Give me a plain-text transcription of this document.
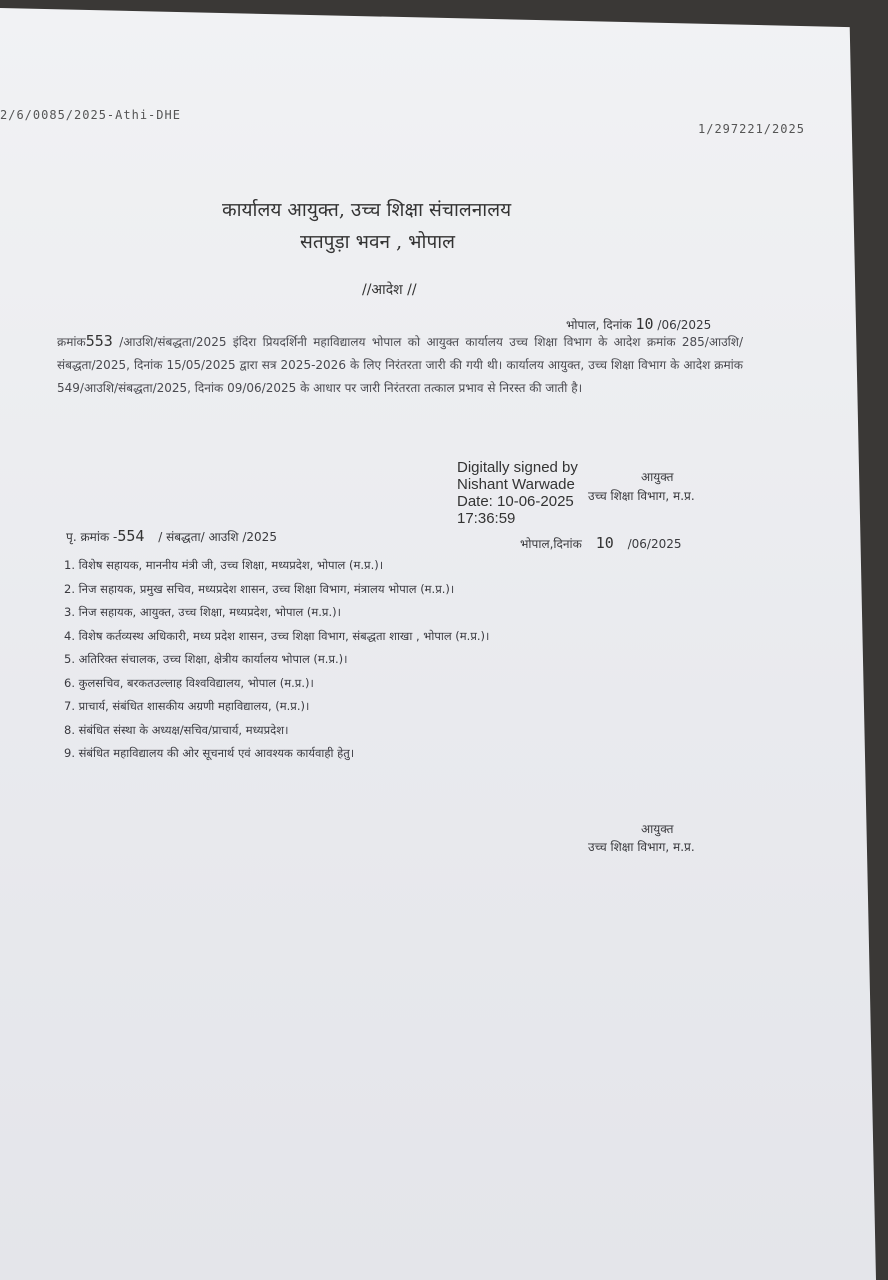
2/6/0085/2025-Athi-DHE
1/297221/2025
कार्यालय आयुक्त, उच्च शिक्षा संचालनालय
सतपुड़ा भवन , भोपाल
//आदेश //
भोपाल, दिनांक 10 /06/2025
क्रमांक553 /आउशि/संबद्धता/2025 इंदिरा प्रियदर्शिनी महाविद्यालय भोपाल को आयुक्त कार्यालय उच्च शिक्षा विभाग के आदेश क्रमांक 285/आउशि/संबद्धता/2025, दिनांक 15/05/2025 द्वारा सत्र 2025-2026 के लिए निरंतरता जारी की गयी थी। कार्यालय आयुक्त, उच्च शिक्षा विभाग के आदेश क्रमांक 549/आउशि/संबद्धता/2025, दिनांक 09/06/2025 के आधार पर जारी निरंतरता तत्काल प्रभाव से निरस्त की जाती है।
Digitally signed by
Nishant Warwade
Date: 10-06-2025
17:36:59
आयुक्त
उच्च शिक्षा विभाग, म.प्र.
पृ. क्रमांक -554 / संबद्धता/ आउशि /2025	भोपाल,दिनांक 10 /06/2025
1. विशेष सहायक, माननीय मंत्री जी, उच्च शिक्षा, मध्यप्रदेश, भोपाल (म.प्र.)।
2. निज सहायक, प्रमुख सचिव, मध्यप्रदेश शासन, उच्च शिक्षा विभाग, मंत्रालय भोपाल (म.प्र.)।
3. निज सहायक, आयुक्त, उच्च शिक्षा, मध्यप्रदेश, भोपाल (म.प्र.)।
4. विशेष कर्तव्यस्थ अधिकारी, मध्य प्रदेश शासन, उच्च शिक्षा विभाग, संबद्धता शाखा , भोपाल (म.प्र.)।
5. अतिरिक्त संचालक, उच्च शिक्षा, क्षेत्रीय कार्यालय भोपाल (म.प्र.)।
6. कुलसचिव, बरकतउल्लाह विश्वविद्यालय, भोपाल (म.प्र.)।
7. प्राचार्य, संबंधित शासकीय अग्रणी महाविद्यालय, (म.प्र.)।
8. संबंधित संस्था के अध्यक्ष/सचिव/प्राचार्य, मध्यप्रदेश।
9. संबंधित महाविद्यालय की ओर सूचनार्थ एवं आवश्यक कार्यवाही हेतु।
आयुक्त
उच्च शिक्षा विभाग, म.प्र.
